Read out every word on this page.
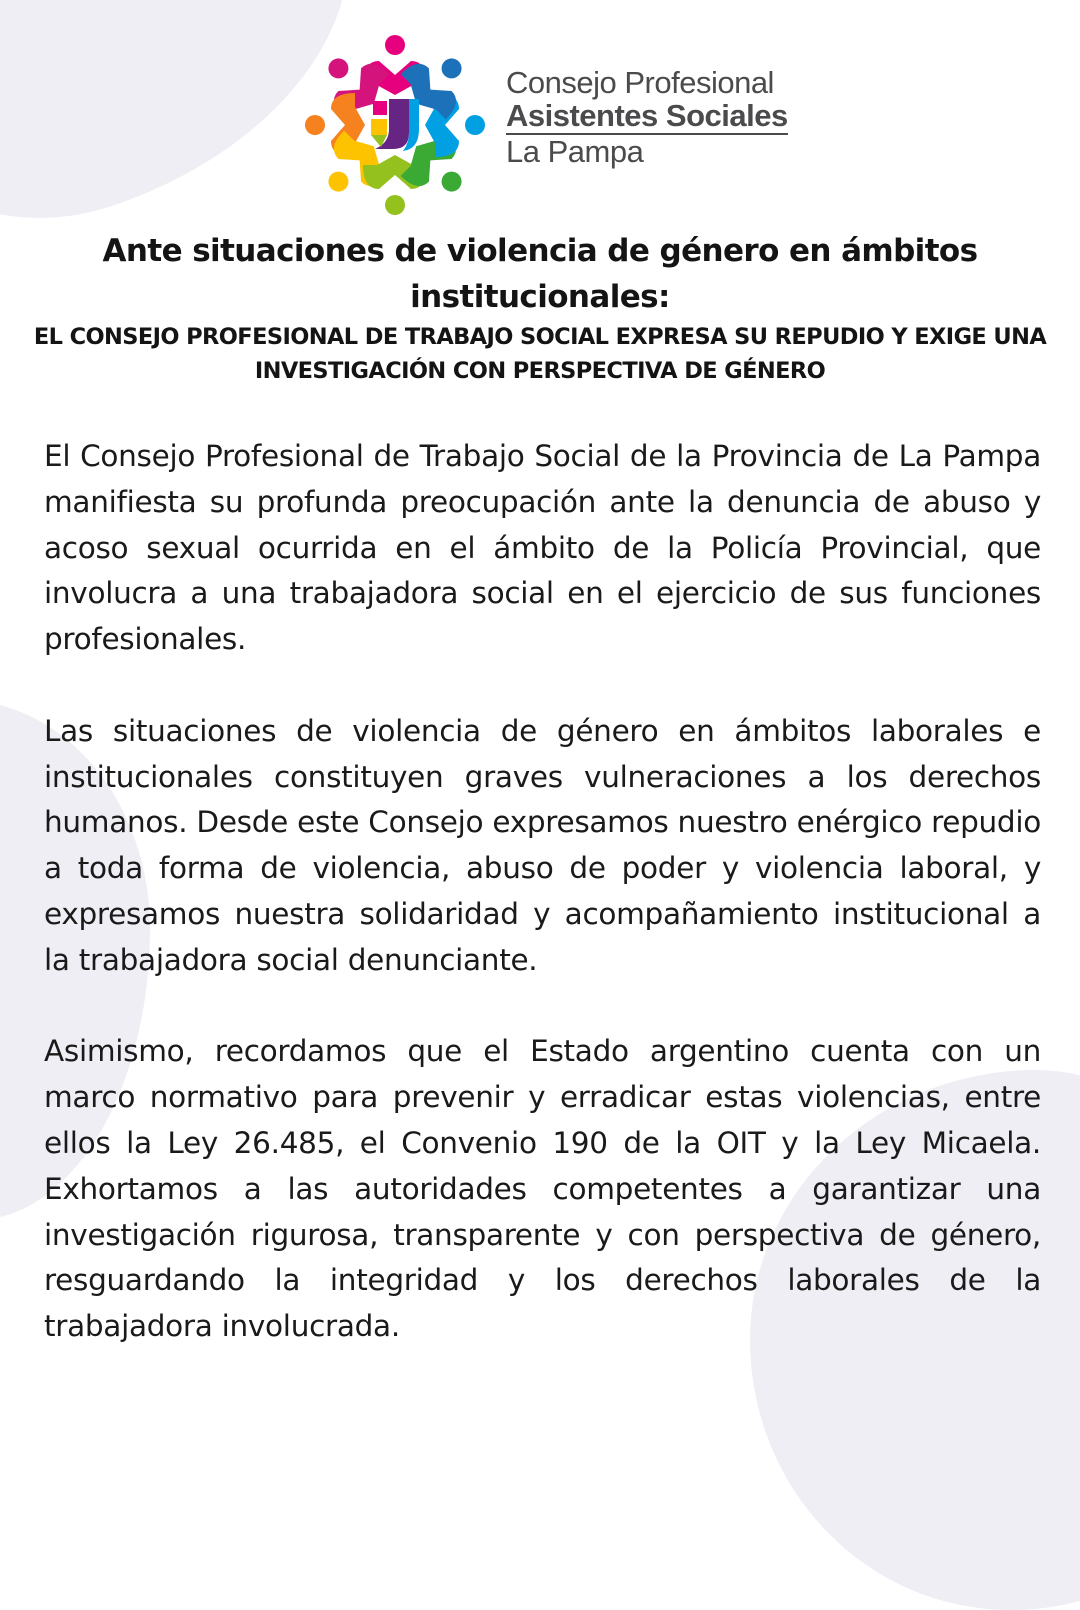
Consejo Profesional
Asistentes Sociales
La Pampa
Ante situaciones de violencia de género en ámbitos institucionales:
EL CONSEJO PROFESIONAL DE TRABAJO SOCIAL EXPRESA SU REPUDIO Y EXIGE UNA INVESTIGACIÓN CON PERSPECTIVA DE GÉNERO

El Consejo Profesional de Trabajo Social de la Provincia de La Pampa manifiesta su profunda preocupación ante la denuncia de abuso y acoso sexual ocurrida en el ámbito de la Policía Provincial, que involucra a una trabajadora social en el ejercicio de sus funciones profesionales.

Las situaciones de violencia de género en ámbitos laborales e institucionales constituyen graves vulneraciones a los derechos humanos. Desde este Consejo expresamos nuestro enérgico repudio a toda forma de violencia, abuso de poder y violencia laboral, y expresamos nuestra solidaridad y acompañamiento institucional a la trabajadora social denunciante.

Asimismo, recordamos que el Estado argentino cuenta con un marco normativo para prevenir y erradicar estas violencias, entre ellos la Ley 26.485, el Convenio 190 de la OIT y la Ley Micaela. Exhortamos a las autoridades competentes a garantizar una investigación rigurosa, transparente y con perspectiva de género, resguardando la integridad y los derechos laborales de la trabajadora involucrada.
